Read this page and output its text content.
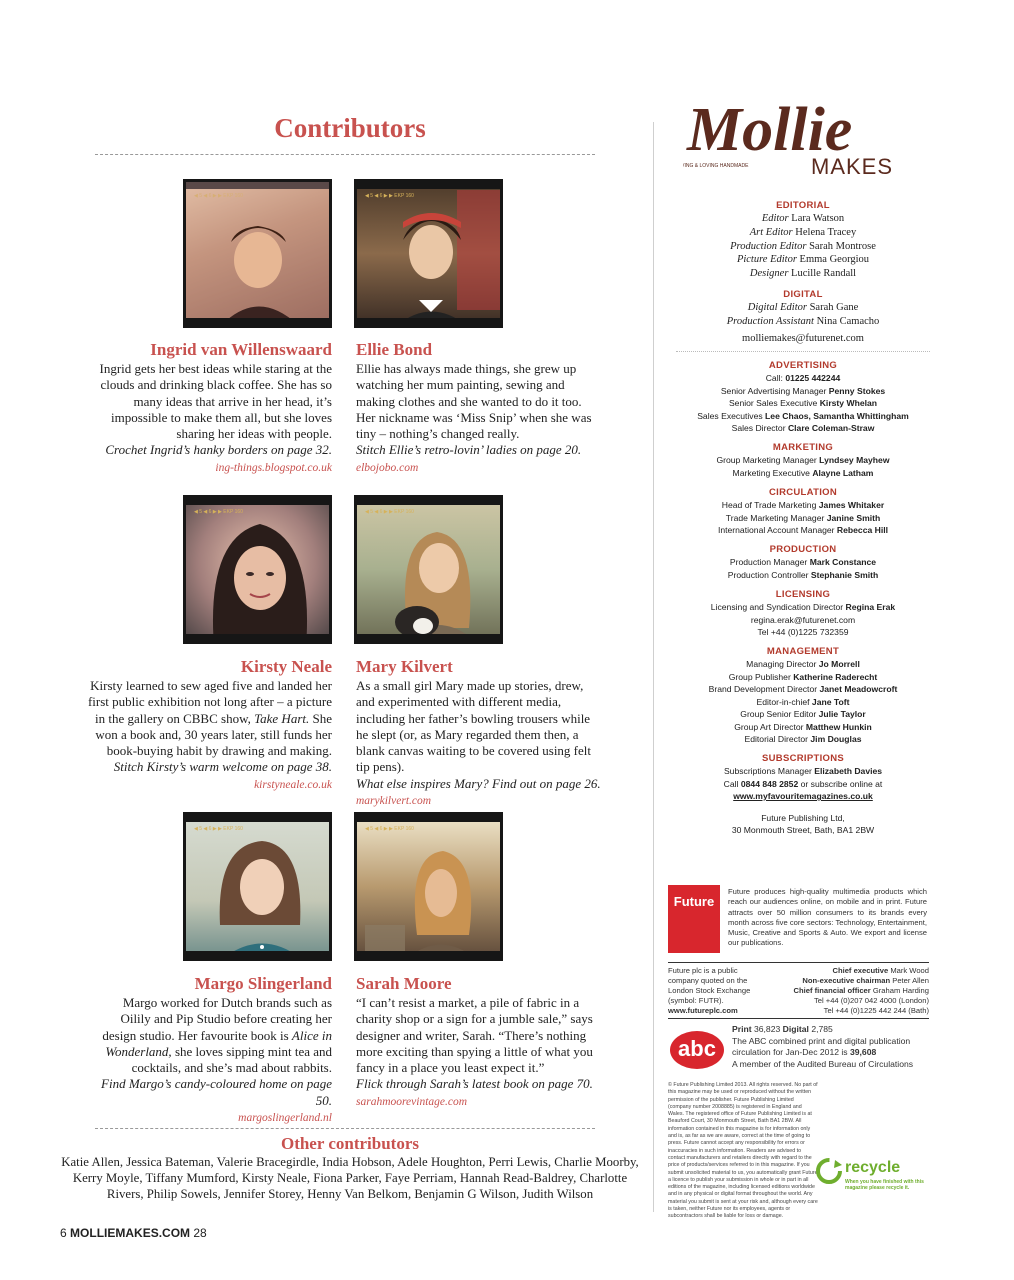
Contributors
◀ 5 ◀ 6 ▶ ▶ EKP 160	◀ 5 ◀ 6 ▶ ▶ EKP 160
Ingrid van Willenswaard

Ingrid gets her best ideas while staring at the clouds and drinking black coffee. She has so many ideas that arrive in her head, it’s impossible to make them all, but she loves sharing her ideas with people.

Crochet Ingrid’s hanky borders on page 32.

ing-things.blogspot.co.uk

Ellie Bond

Ellie has always made things, she grew up watching her mum painting, sewing and making clothes and she wanted to do it too. Her nickname was ‘Miss Snip’ when she was tiny – nothing’s changed really.

Stitch Ellie’s retro-lovin’ ladies on page 20.

elbojobo.com

◀ 5 ◀ 6 ▶ ▶ EKP 160	◀ 5 ◀ 6 ▶ ▶ EKP 160
Kirsty Neale

Kirsty learned to sew aged five and landed her first public exhibition not long after – a picture in the gallery on CBBC show, Take Hart. She won a book and, 30 years later, still funds her book-buying habit by drawing and making.

Stitch Kirsty’s warm welcome on page 38.

kirstyneale.co.uk

Mary Kilvert

As a small girl Mary made up stories, drew, and experimented with different media, including her father’s bowling trousers while he slept (or, as Mary regarded them then, a blank canvas waiting to be covered using felt tip pens).

What else inspires Mary? Find out on page 26.

marykilvert.com

◀ 5 ◀ 6 ▶ ▶ EKP 160	◀ 5 ◀ 6 ▶ ▶ EKP 160
Margo Slingerland

Margo worked for Dutch brands such as Oilily and Pip Studio before creating her design studio. Her favourite book is Alice in Wonderland, she loves sipping mint tea and cocktails, and she’s mad about rabbits.

Find Margo’s candy-coloured home on page 50.

margoslingerland.nl

Sarah Moore

“I can’t resist a market, a pile of fabric in a charity shop or a sign for a jumble sale,” says designer and writer, Sarah. “There’s nothing more exciting than spying a little of what you fancy in a place you least expect it.”

Flick through Sarah’s latest book on page 70.

sarahmoorevintage.com

Other contributors
Katie Allen, Jessica Bateman, Valerie Bracegirdle, India Hobson, Adele Houghton, Perri Lewis, Charlie Moorby, Kerry Moyle, Tiffany Mumford, Kirsty Neale, Fiona Parker, Faye Perriam, Hannah Read-Baldrey, Charlotte Rivers, Philip Sowels, Jennifer Storey, Henny Van Belkom, Benjamin G Wilson, Judith Wilson
6 MOLLIEMAKES.COM 28
Mollie
MAKES
LIVING & LOVING HANDMADE
EDITORIAL
Editor Lara Watson
Art Editor Helena Tracey
Production Editor Sarah Montrose
Picture Editor Emma Georgiou
Designer Lucille Randall
DIGITAL
Digital Editor Sarah Gane
Production Assistant Nina Camacho
molliemakes@futurenet.com
ADVERTISING
Call: 01225 442244
Senior Advertising Manager Penny Stokes
Senior Sales Executive Kirsty Whelan
Sales Executives Lee Chaos, Samantha Whittingham
Sales Director Clare Coleman-Straw
MARKETING
Group Marketing Manager Lyndsey Mayhew
Marketing Executive Alayne Latham
CIRCULATION
Head of Trade Marketing James Whitaker
Trade Marketing Manager Janine Smith
International Account Manager Rebecca Hill
PRODUCTION
Production Manager Mark Constance
Production Controller Stephanie Smith
LICENSING
Licensing and Syndication Director Regina Erak
regina.erak@futurenet.com
Tel +44 (0)1225 732359
MANAGEMENT
Managing Director Jo Morrell
Group Publisher Katherine Raderecht
Brand Development Director Janet Meadowcroft
Editor-in-chief Jane Toft
Group Senior Editor Julie Taylor
Group Art Director Matthew Hunkin
Editorial Director Jim Douglas
SUBSCRIPTIONS
Subscriptions Manager Elizabeth Davies
Call 0844 848 2852 or subscribe online at
www.myfavouritemagazines.co.uk
Future Publishing Ltd,
30 Monmouth Street, Bath, BA1 2BW
Future
Future produces high-quality multimedia products which reach our audiences online, on mobile and in print. Future attracts over 50 million consumers to its brands every month across five core sectors: Technology, Entertainment, Music, Creative and Sports & Auto. We export and license our publications.
Future plc is a public company quoted on the London Stock Exchange (symbol: FUTR).
www.futureplc.com
Chief executive Mark Wood
Non-executive chairman Peter Allen
Chief financial officer Graham Harding
Tel +44 (0)207 042 4000 (London)
Tel +44 (0)1225 442 244 (Bath)
abc
Print 36,823 Digital 2,785
The ABC combined print and digital publication circulation for Jan-Dec 2012 is 39,608
A member of the Audited Bureau of Circulations
© Future Publishing Limited 2013. All rights reserved. No part of this magazine may be used or reproduced without the written permission of the publisher. Future Publishing Limited (company number 2008885) is registered in England and Wales. The registered office of Future Publishing Limited is at Beauford Court, 30 Monmouth Street, Bath BA1 2BW. All information contained in this magazine is for information only and is, as far as we are aware, correct at the time of going to press. Future cannot accept any responsibility for errors or inaccuracies in such information. Readers are advised to contact manufacturers and retailers directly with regard to the price of products/services referred to in this magazine. If you submit unsolicited material to us, you automatically grant Future a licence to publish your submission in whole or in part in all editions of the magazine, including licensed editions worldwide and in any physical or digital format throughout the world. Any material you submit is sent at your risk and, although every care is taken, neither Future nor its employees, agents or subcontractors shall be liable for loss or damage.
recycle
When you have finished with this magazine please recycle it.
